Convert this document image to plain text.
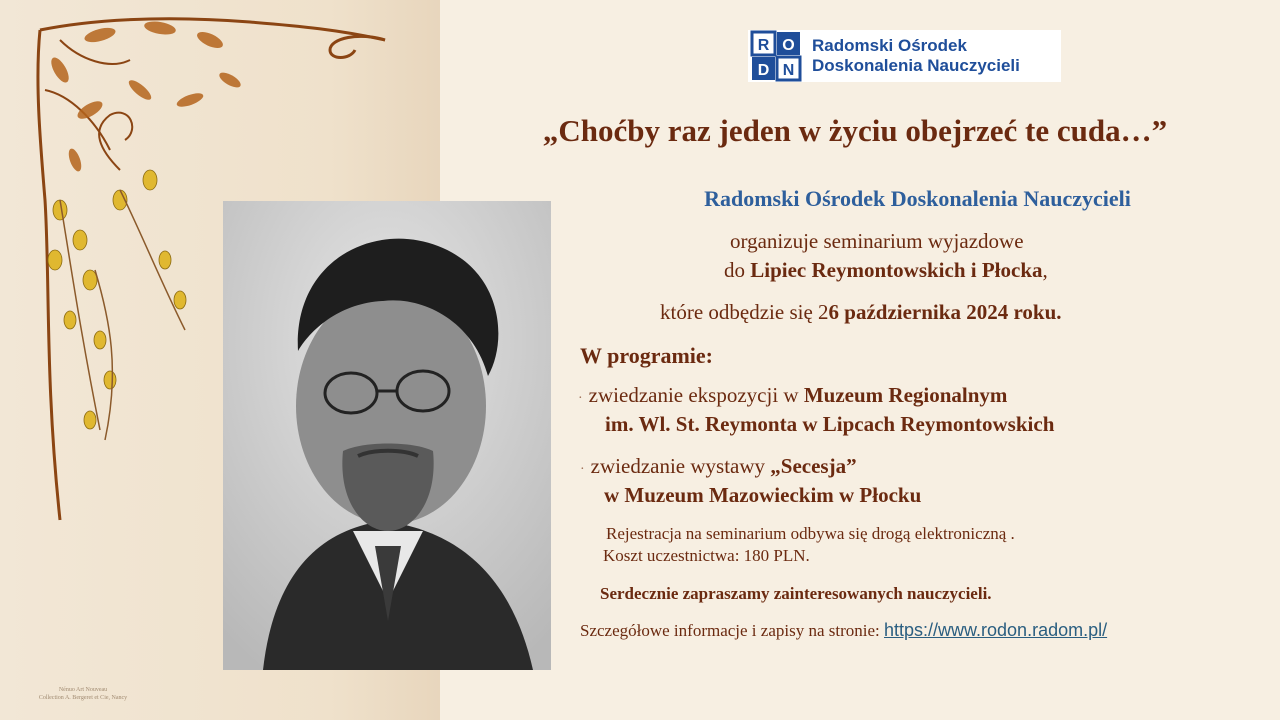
Nénuo Art Nouveau
Collection A. Bergeret et Cie, Nancy
R O
D N
Radomski Ośrodek
Doskonalenia Nauczycieli
„Choćby raz jeden w życiu obejrzeć te cuda…”
Radomski Ośrodek Doskonalenia Nauczycieli
organizuje seminarium wyjazdowe
do Lipiec Reymontowskich i Płocka,
które odbędzie się 26 października 2024 roku.
W programie:
· zwiedzanie ekspozycji w Muzeum Regionalnym
im. Wl. St. Reymonta w Lipcach Reymontowskich
· zwiedzanie wystawy „Secesja”
w Muzeum Mazowieckim w Płocku
Rejestracja na seminarium odbywa się drogą elektroniczną .
Koszt uczestnictwa: 180 PLN.
Serdecznie zapraszamy zainteresowanych nauczycieli.
Szczegółowe informacje i zapisy na stronie: https://www.rodon.radom.pl/
